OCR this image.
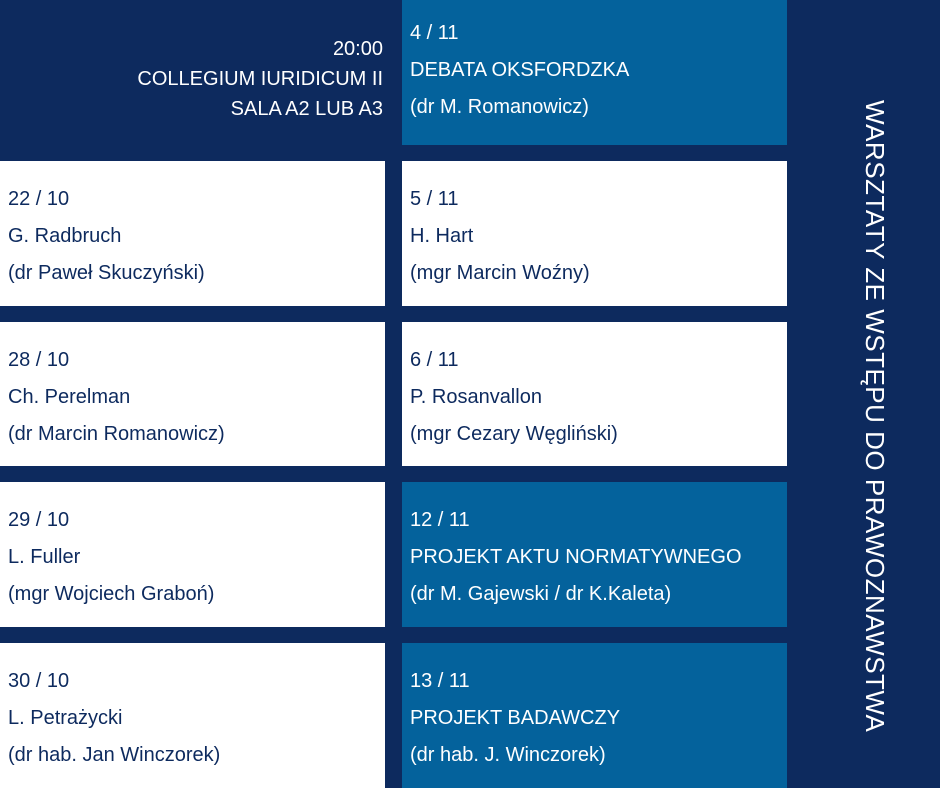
20:00
COLLEGIUM IURIDICUM II
SALA A2 LUB A3
22 / 10
G. Radbruch
(dr Paweł Skuczyński)
28 / 10
Ch. Perelman
(dr Marcin Romanowicz)
29 / 10
L. Fuller
(mgr Wojciech Graboń)
30 / 10
L. Petrażycki
(dr hab. Jan Winczorek)
4 / 11
DEBATA OKSFORDZKA
(dr M. Romanowicz)
5 / 11
H. Hart
(mgr Marcin Woźny)
6 / 11
P. Rosanvallon
(mgr Cezary Węgliński)
12 / 11
PROJEKT AKTU NORMATYWNEGO
(dr M. Gajewski / dr K.Kaleta)
13 / 11
PROJEKT BADAWCZY
(dr hab. J. Winczorek)
WARSZTATY ZE WSTĘPU DO PRAWOZNAWSTWA
